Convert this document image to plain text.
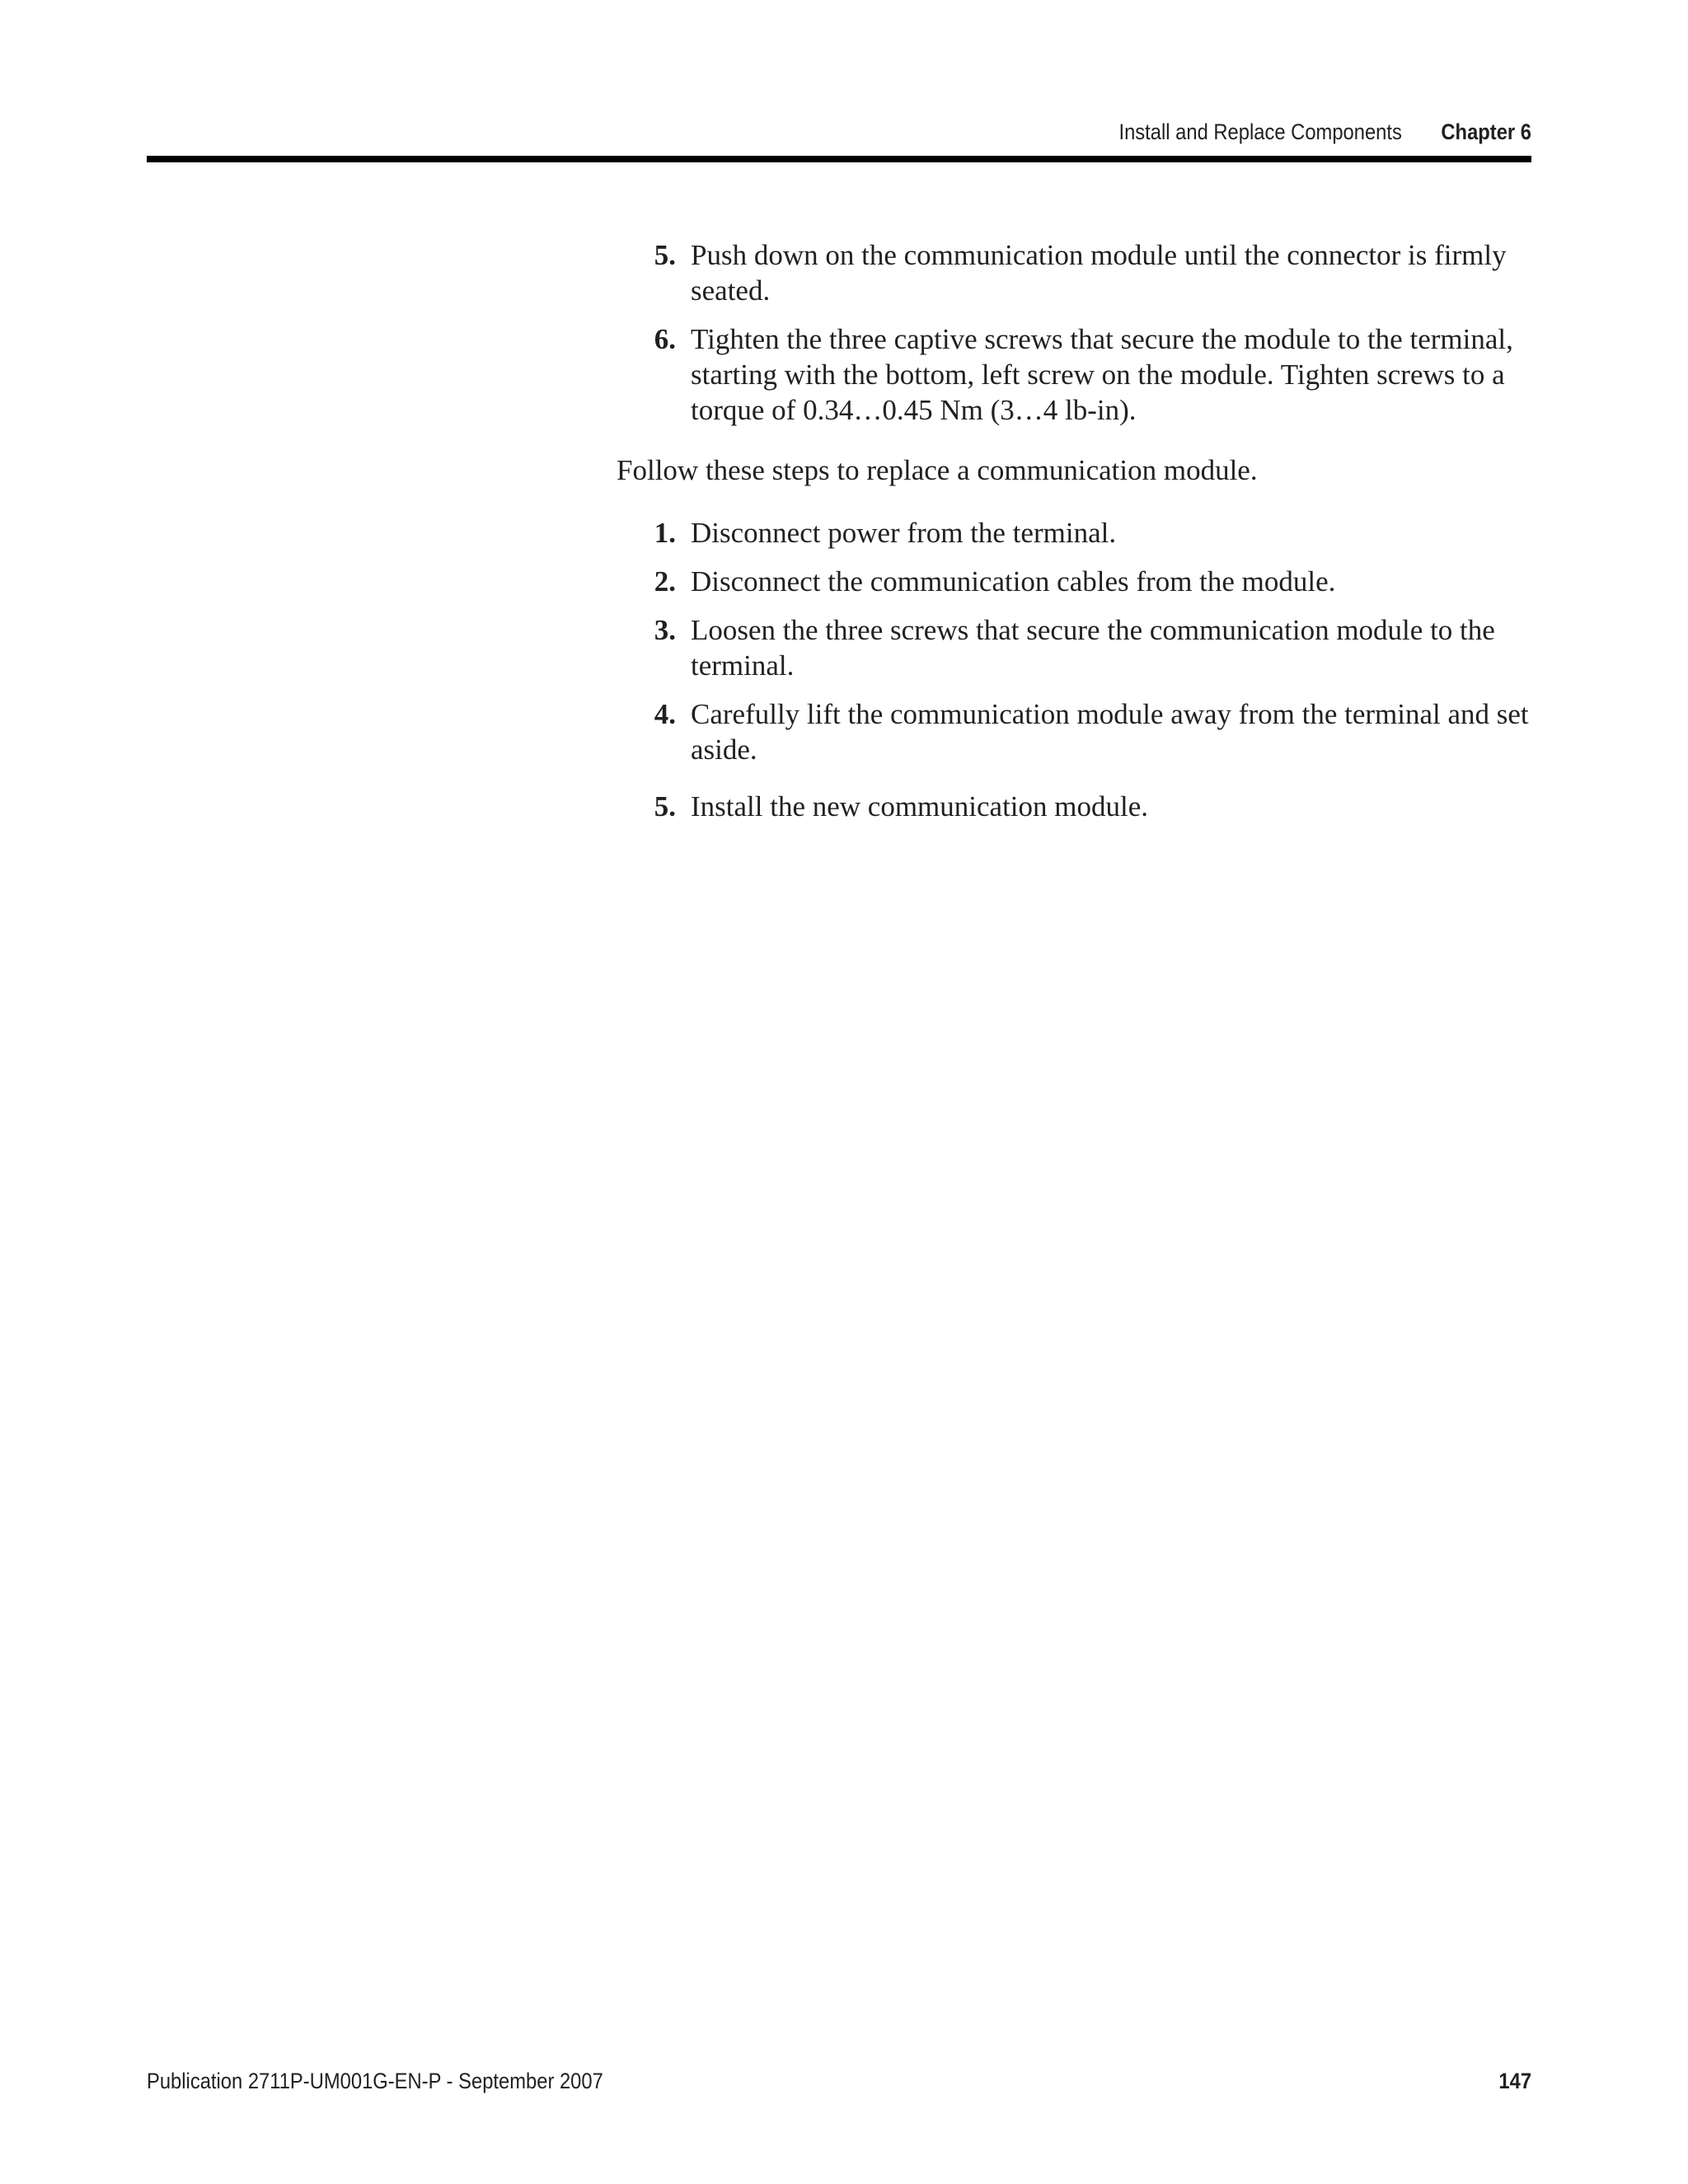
Install and Replace Components Chapter 6
5. Push down on the communication module until the connector is firmly seated.
6. Tighten the three captive screws that secure the module to the terminal, starting with the bottom, left screw on the module. Tighten screws to a torque of 0.34…0.45 Nm (3…4 lb-in).

Follow these steps to replace a communication module.

1. Disconnect power from the terminal.
2. Disconnect the communication cables from the module.
3. Loosen the three screws that secure the communication module to the terminal.
4. Carefully lift the communication module away from the terminal and set aside.
5. Install the new communication module.
Publication 2711P-UM001G-EN-P - September 2007	147
